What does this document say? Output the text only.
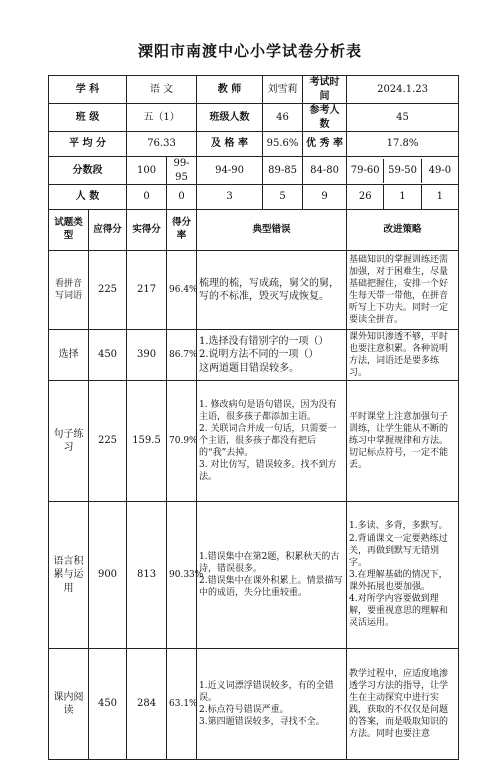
溧阳市南渡中心小学试卷分析表
学 科		语 文		教 师	刘雪莉	考试时间	2024.1.23
班 级		五（1）		班级人数	46	参考人数	45
平 均 分		76.33		及 格 率	95.6%	优 秀 率	17.8%
分数段		100	99-95	94-90	89-85	84-80	79-60 59-50 49-0

人 数		0	0	3	5	9	26 1 1

试题类型	应得分	实得分	得分率	典型错误			改进策略
看拼音写词语	225	217	96.4%	梳理的梳，写成疏，舅父的舅，写的不标准，毁灭写成恢复。			基础知识的掌握训练还需加强，对于困难生，尽量基础把握住，安排一个好生每天带一带他，在拼音听写上下功夫。同时一定要读全拼音。
选择	450	390	86.7%	1.选择没有错别字的一项（）
2.说明方法不同的一项（）
这两道题目错误较多。			课外知识渗透不够，平时也要注意积累。各种说明方法，词语还是要多练习。
句子练习	225	159.5	70.9%	1. 修改病句是语句错误，因为没有主语，很多孩子都添加主语。
2. 关联词合并成一句话，只需要一个主语，很多孩子都没有把后的“我”去掉。
3. 对比仿写，错误较多。找不到方法。			平时课堂上注意加强句子训练，让学生能从不断的练习中掌握规律和方法。切记标点符号，一定不能丢。
语言积累与运用	900	813	90.33%	1.错误集中在第2题，积累秋天的古诗，错误很多。
2.错误集中在课外积累上。情景描写中的成语，失分比重较重。			1.多读、多背，多默写。
2.背诵课文一定要熟练过关，再做到默写无错别字。
3.在理解基础的情况下，课外拓展也要加强。
4.对所学内容要做到理解，要重视意思的理解和灵活运用。
课内阅读	450	284	63.1%	1.近义词漂浮错误较多，有的全错误。
2.标点符号错误严重。
3.第四题错误较多，寻找不全。			教学过程中，应适度地渗透学习方法的指导，让学生在主动探究中进行实践，获取的不仅仅是问题的答案，而是吸取知识的方法。同时也要注意
